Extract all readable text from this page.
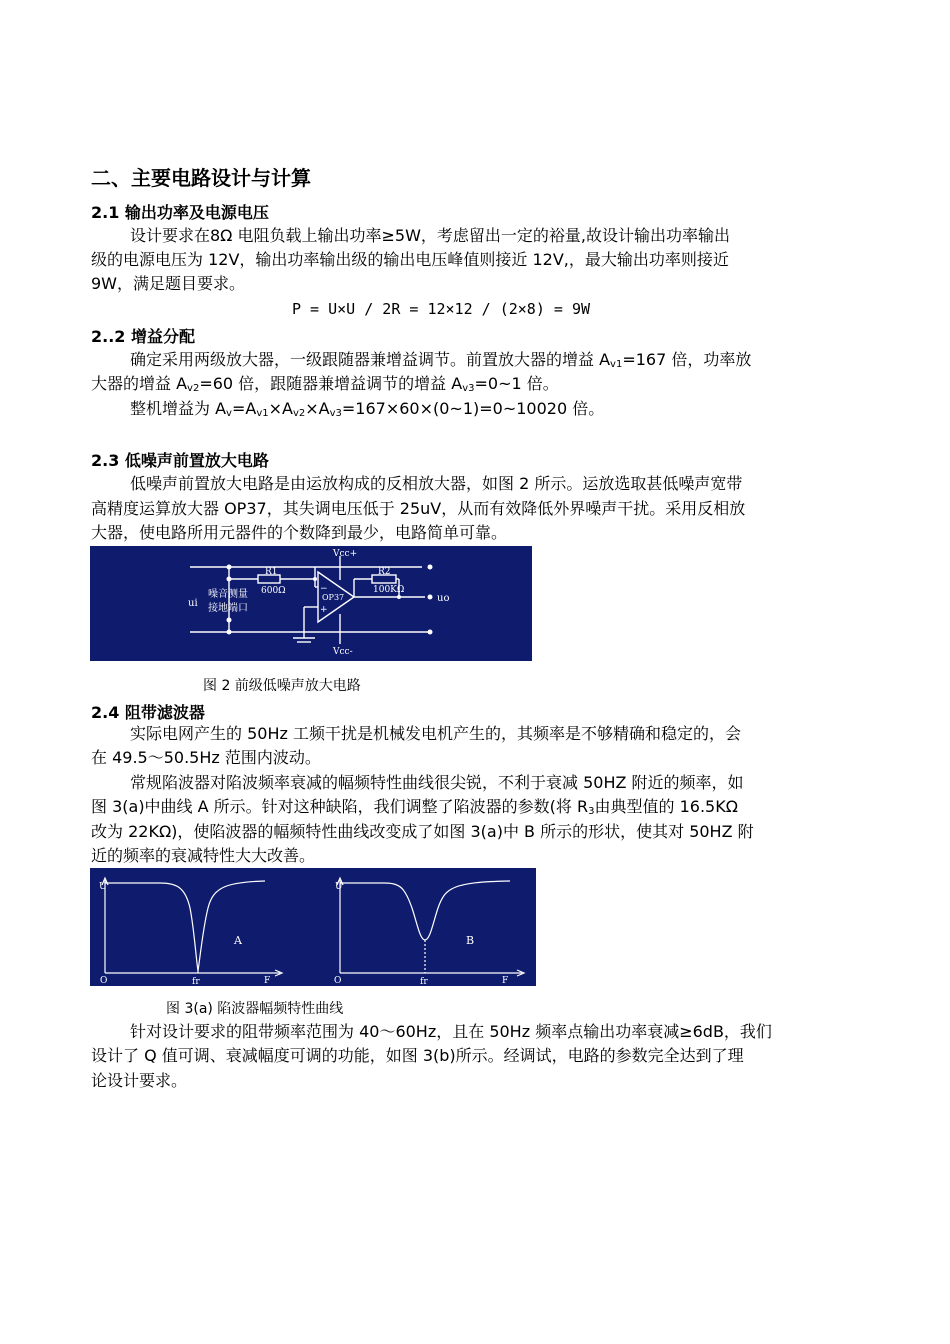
二、主要电路设计与计算
2.1 输出功率及电源电压
设计要求在8Ω 电阻负载上输出功率≥5W，考虑留出一定的裕量,故设计输出功率输出
级的电源电压为 12V，输出功率输出级的输出电压峰值则接近 12V,，最大输出功率则接近
9W，满足题目要求。
P = U×U / 2R = 12×12 / (2×8) = 9W
2..2 增益分配
确定采用两级放大器，一级跟随器兼增益调节。前置放大器的增益 $A_{v1}=167$ 倍，功率放
大器的增益 $A_{v2}=60$ 倍，跟随器兼增益调节的增益 $A_{v3}=0\sim 1$ 倍。
整机增益为 $A_v=A_{v1}\times A_{v2}\times A_{v3}=167\times 60\times(0\sim 1)=0\sim 10020$ 倍。
2.3 低噪声前置放大电路
低噪声前置放大电路是由运放构成的反相放大器，如图 2 所示。运放选取甚低噪声宽带
高精度运算放大器 OP37，其失调电压低于 25uV，从而有效降低外界噪声干扰。采用反相放
大器，使电路所用元器件的个数降到最少，电路简单可靠。
Vcc+
Vcc-
R1
600Ω
R2
100KΩ
OP37
−
+
ui	uo
噪音测量
接地端口
图 2 前级低噪声放大电路
2.4 阻带滤波器
实际电网产生的 50Hz 工频干扰是机械发电机产生的，其频率是不够精确和稳定的，会
在 49.5～50.5Hz 范围内波动。
常规陷波器对陷波频率衰减的幅频特性曲线很尖锐，不利于衰减 50HZ 附近的频率，如
图 3(a)中曲线 A 所示。针对这种缺陷，我们调整了陷波器的参数(将 $R_3$由典型值的 16.5KΩ
改为 22KΩ)，使陷波器的幅频特性曲线改变成了如图 3(a)中 B 所示的形状，使其对 50HZ 附
近的频率的衰减特性大大改善。
U
O	F
fr
A
U
O	F
fr
B
图 3(a) 陷波器幅频特性曲线
针对设计要求的阻带频率范围为 40～60Hz，且在 50Hz 频率点输出功率衰减≥6dB，我们
设计了 Q 值可调、衰减幅度可调的功能，如图 3(b)所示。经调试，电路的参数完全达到了理
论设计要求。
